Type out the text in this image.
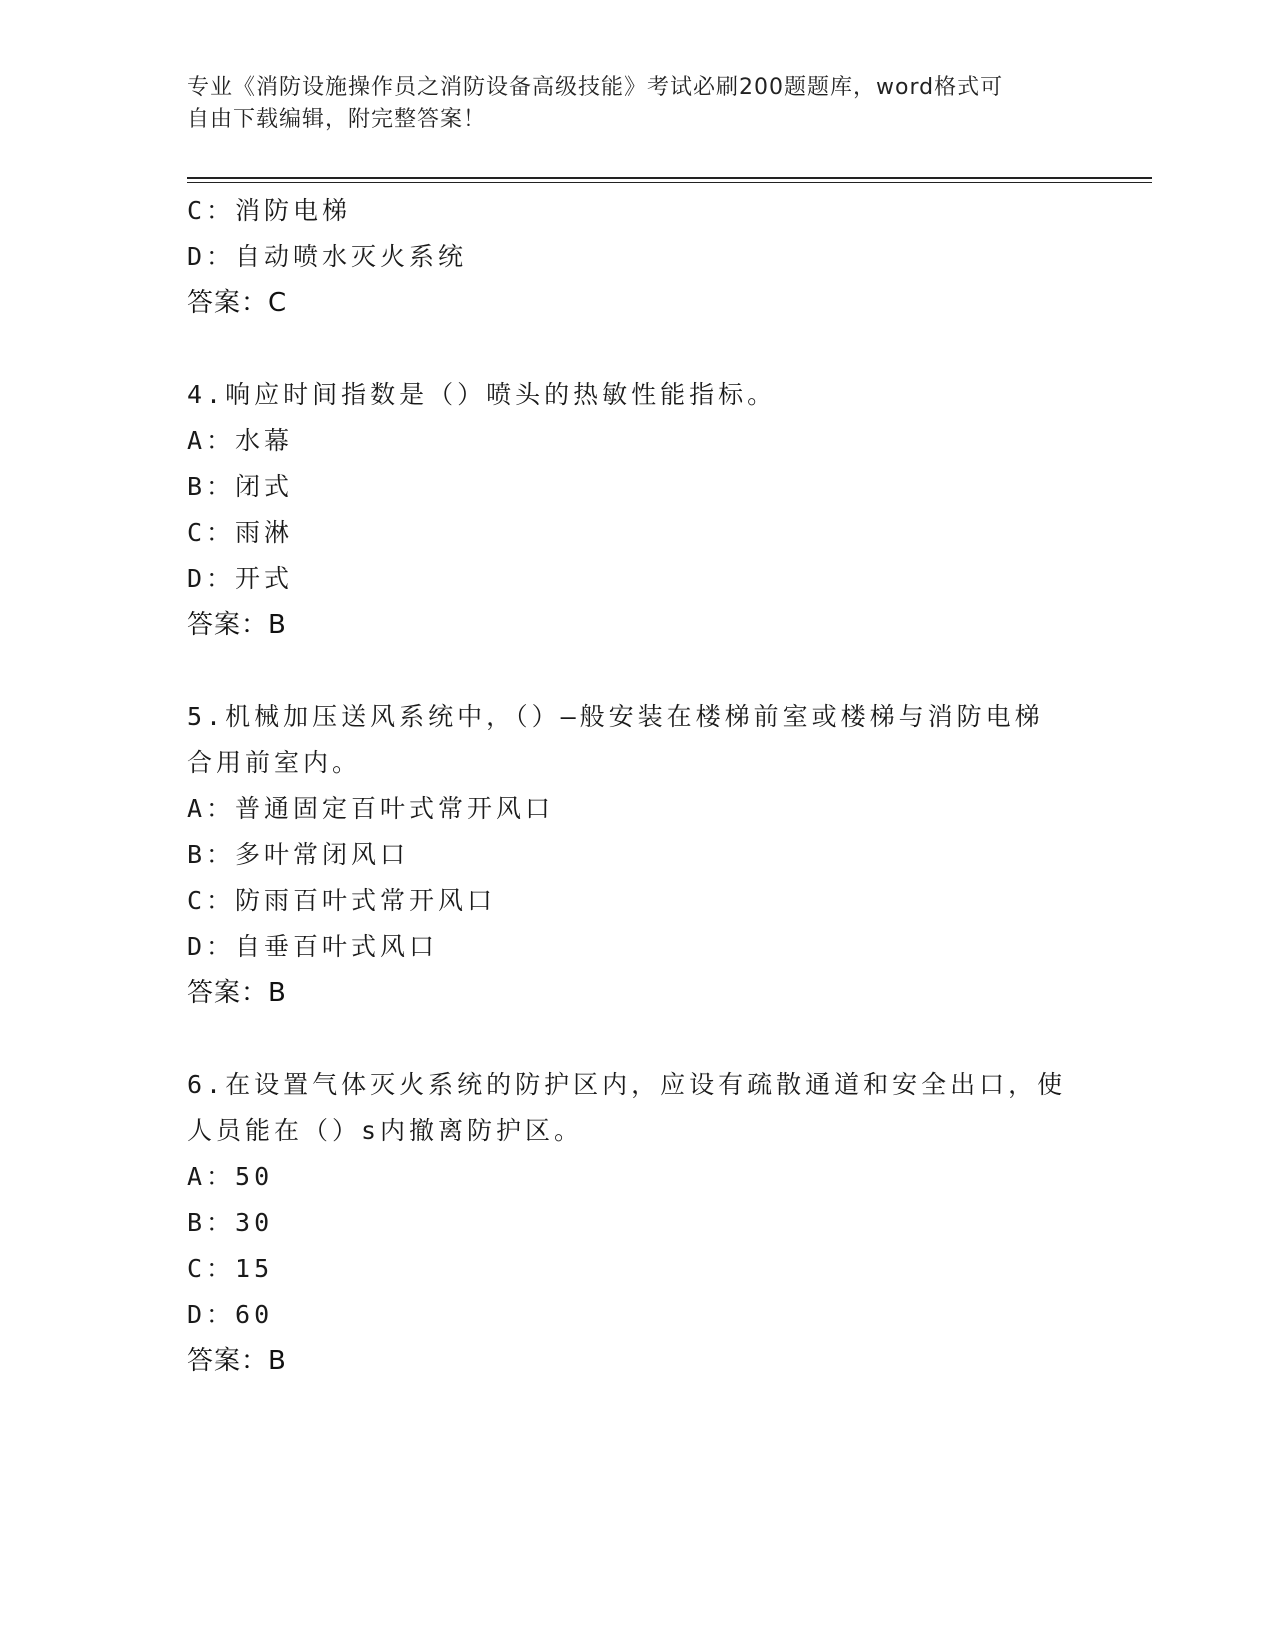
专业《消防设施操作员之消防设备高级技能》考试必刷200题题库，word格式可
自由下载编辑，附完整答案！
C：消防电梯
D：自动喷水灭火系统
答案：C
4.响应时间指数是（）喷头的热敏性能指标。
A：水幕
B：闭式
C：雨淋
D：开式
答案：B
5.机械加压送风系统中，（）—般安装在楼梯前室或楼梯与消防电梯
合用前室内。
A：普通固定百叶式常开风口
B：多叶常闭风口
C：防雨百叶式常开风口
D：自垂百叶式风口
答案：B
6.在设置气体灭火系统的防护区内，应设有疏散通道和安全出口，使
人员能在（）s内撤离防护区。
A：50
B：30
C：15
D：60
答案：B
